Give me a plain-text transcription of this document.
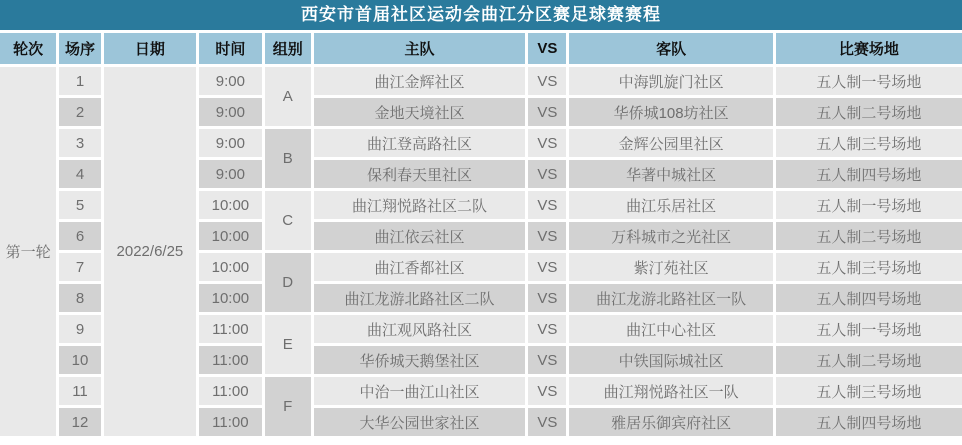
西安市首届社区运动会曲江分区赛足球赛赛程
轮次	场序	日期	时间	组别	主队	VS	客队	比赛场地
第一轮	1	2022/6/25	9:00	A	曲江金辉社区	VS	中海凯旋门社区	五人制一号场地
	2		9:00		金地天境社区	VS	华侨城108坊社区	五人制二号场地
	3		9:00	B	曲江登高路社区	VS	金辉公园里社区	五人制三号场地
	4		9:00		保利春天里社区	VS	华著中城社区	五人制四号场地
	5		10:00	C	曲江翔悦路社区二队	VS	曲江乐居社区	五人制一号场地
	6		10:00		曲江依云社区	VS	万科城市之光社区	五人制二号场地
	7		10:00	D	曲江香都社区	VS	紫汀苑社区	五人制三号场地
	8		10:00		曲江龙游北路社区二队	VS	曲江龙游北路社区一队	五人制四号场地
	9		11:00	E	曲江观风路社区	VS	曲江中心社区	五人制一号场地
	10		11:00		华侨城天鹅堡社区	VS	中铁国际城社区	五人制二号场地
	11		11:00	F	中治一曲江山社区	VS	曲江翔悦路社区一队	五人制三号场地
	12		11:00		大华公园世家社区	VS	雅居乐御宾府社区	五人制四号场地
